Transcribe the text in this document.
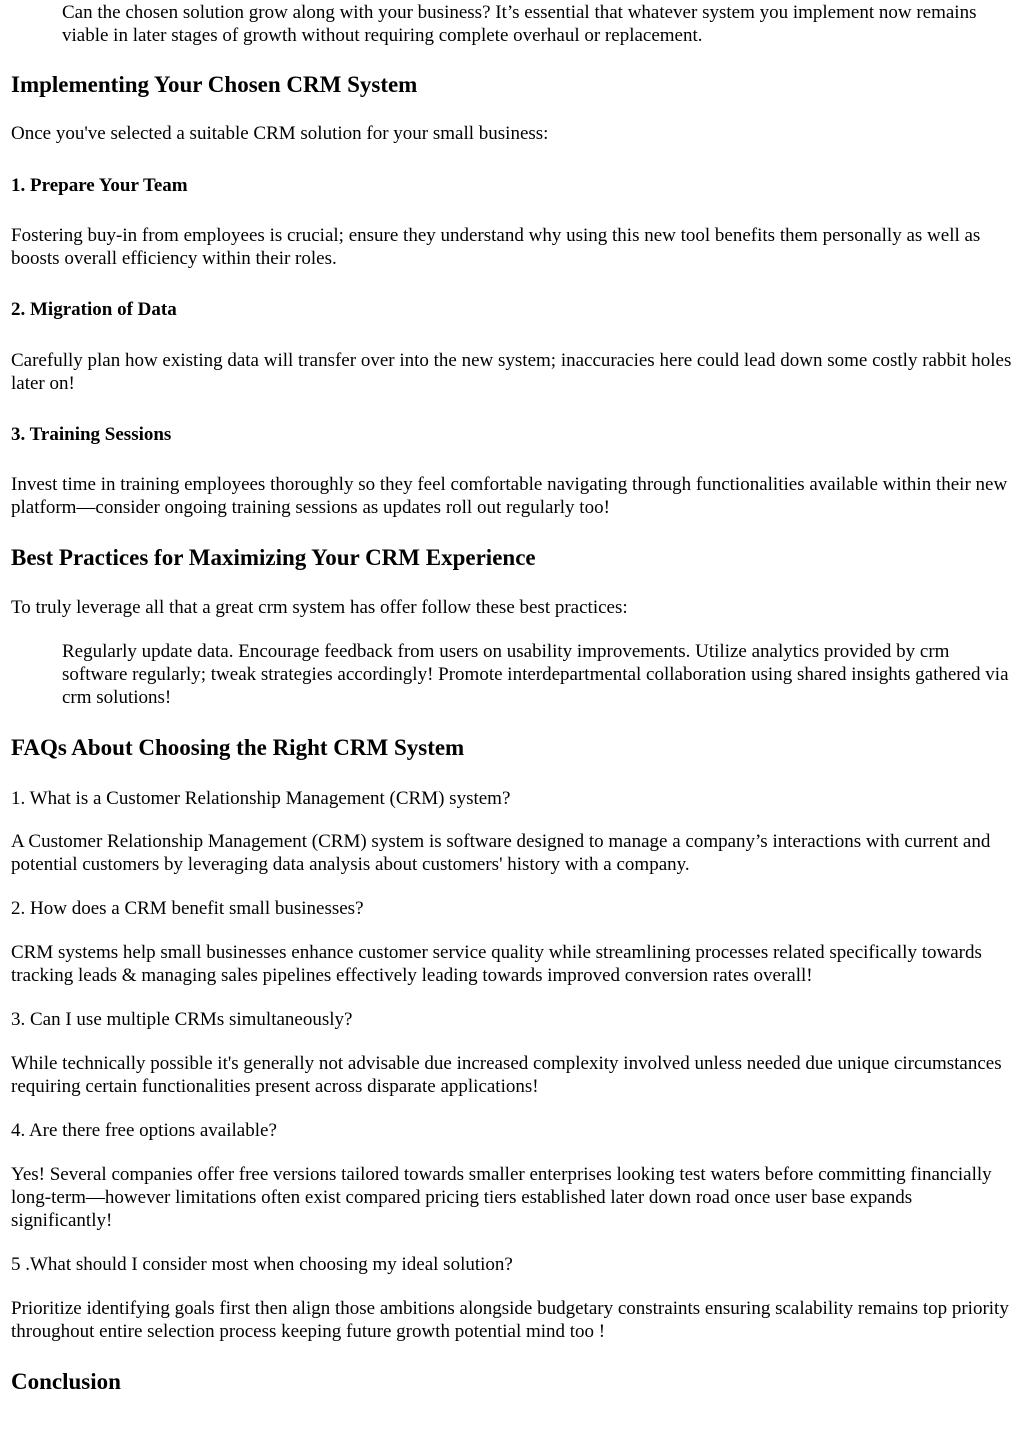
Can the chosen solution grow along with your business? It’s essential that whatever system you implement now remains viable in later stages of growth without requiring complete overhaul or replacement.

Implementing Your Chosen CRM System

Once you've selected a suitable CRM solution for your small business:

1. Prepare Your Team

Fostering buy-in from employees is crucial; ensure they understand why using this new tool benefits them personally as well as boosts overall efficiency within their roles.

2. Migration of Data

Carefully plan how existing data will transfer over into the new system; inaccuracies here could lead down some costly rabbit holes later on!

3. Training Sessions

Invest time in training employees thoroughly so they feel comfortable navigating through functionalities available within their new platform—consider ongoing training sessions as updates roll out regularly too!

Best Practices for Maximizing Your CRM Experience

To truly leverage all that a great crm system has offer follow these best practices:

Regularly update data. Encourage feedback from users on usability improvements. Utilize analytics provided by crm software regularly; tweak strategies accordingly! Promote interdepartmental collaboration using shared insights gathered via crm solutions!

FAQs About Choosing the Right CRM System

1. What is a Customer Relationship Management (CRM) system?

A Customer Relationship Management (CRM) system is software designed to manage a company’s interactions with current and potential customers by leveraging data analysis about customers' history with a company.

2. How does a CRM benefit small businesses?

CRM systems help small businesses enhance customer service quality while streamlining processes related specifically towards tracking leads & managing sales pipelines effectively leading towards improved conversion rates overall!

3. Can I use multiple CRMs simultaneously?

While technically possible it's generally not advisable due increased complexity involved unless needed due unique circumstances requiring certain functionalities present across disparate applications!

4. Are there free options available?

Yes! Several companies offer free versions tailored towards smaller enterprises looking test waters before committing financially long-term—however limitations often exist compared pricing tiers established later down road once user base expands significantly!

5 .What should I consider most when choosing my ideal solution?

Prioritize identifying goals first then align those ambitions alongside budgetary constraints ensuring scalability remains top priority throughout entire selection process keeping future growth potential mind too !

Conclusion
